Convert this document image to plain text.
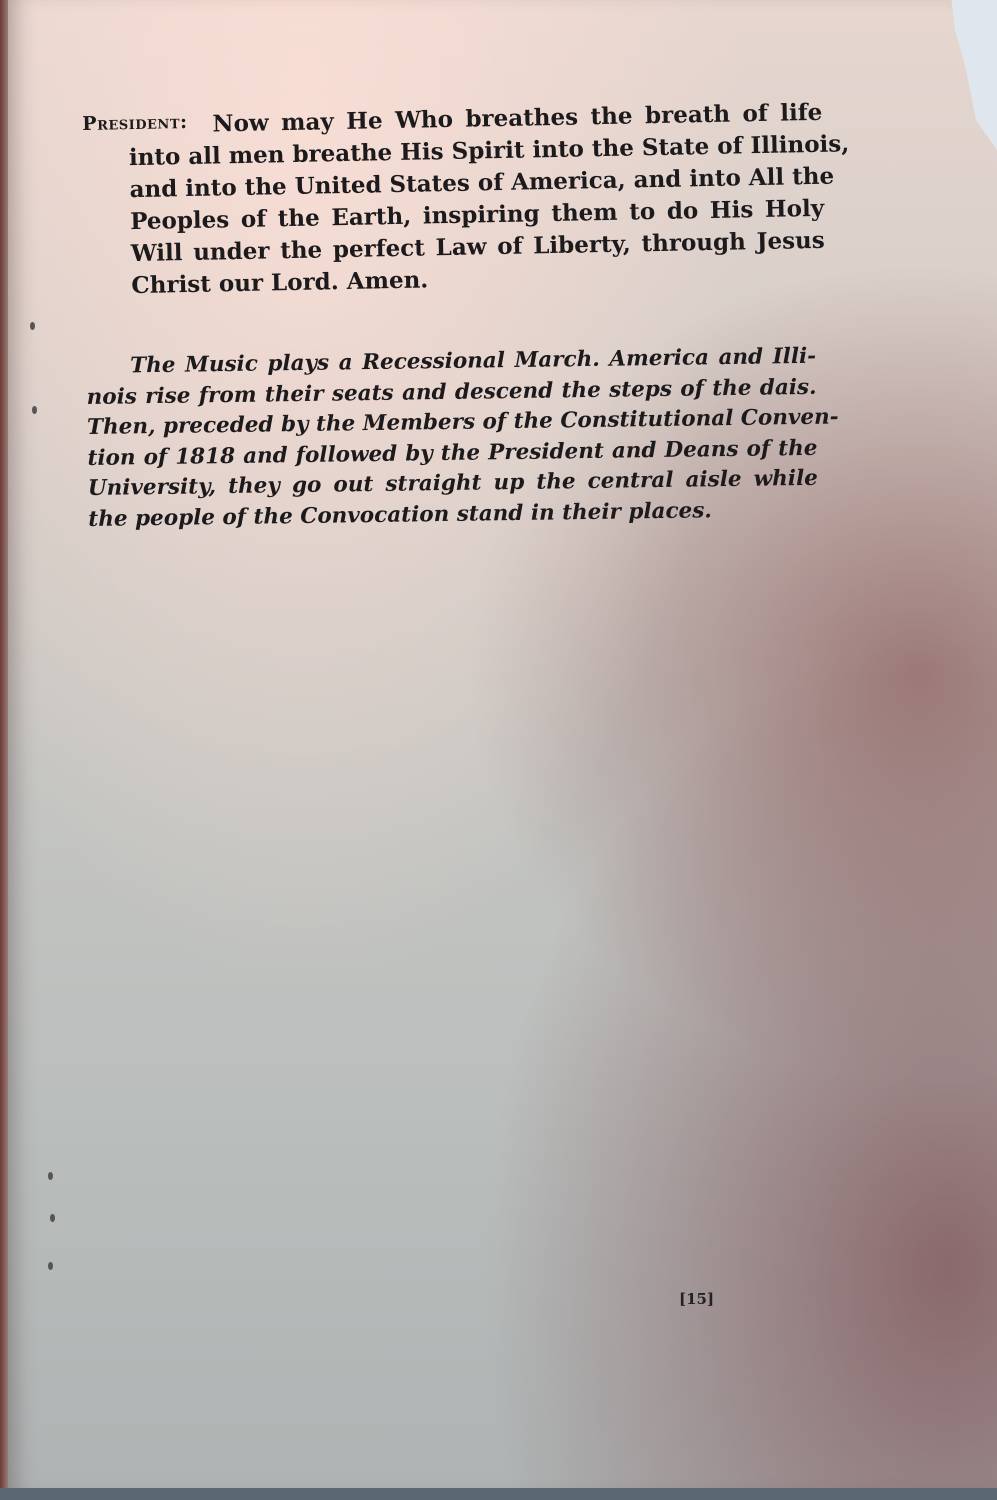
President: Now may He Who breathes the breath of life
into all men breathe His Spirit into the State of Illinois,
and into the United States of America, and into All the
Peoples of the Earth, inspiring them to do His Holy
Will under the perfect Law of Liberty, through Jesus
Christ our Lord. Amen.
The Music plays a Recessional March. America and Illi-
nois rise from their seats and descend the steps of the dais.
Then, preceded by the Members of the Constitutional Conven-
tion of 1818 and followed by the President and Deans of the
University, they go out straight up the central aisle while
the people of the Convocation stand in their places.
[15]
